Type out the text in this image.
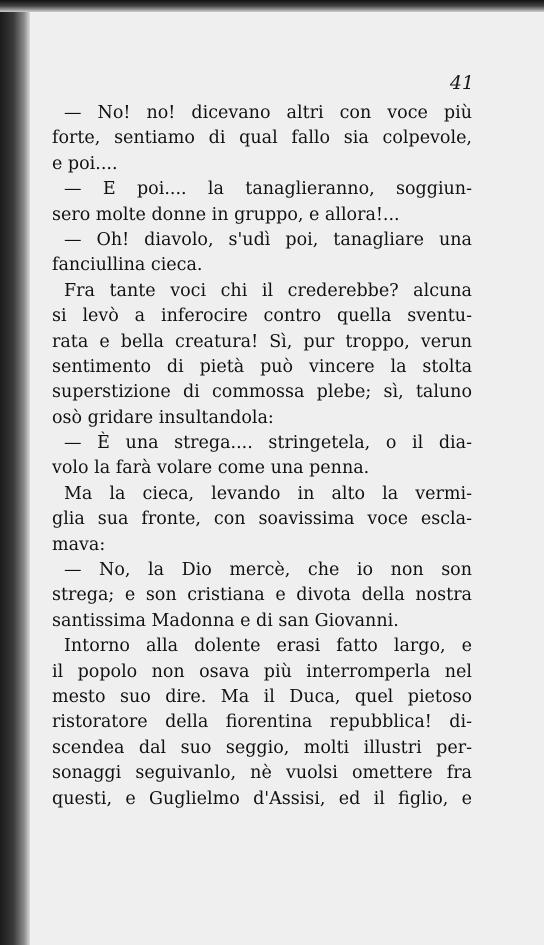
41
— No! no! dicevano altri con voce più
forte, sentiamo di qual fallo sia colpevole,
e poi....
— E poi.... la tanaglieranno, soggiun-
sero molte donne in gruppo, e allora!...
— Oh! diavolo, s'udì poi, tanagliare una
fanciullina cieca.
Fra tante voci chi il crederebbe? alcuna
si levò a inferocire contro quella sventu-
rata e bella creatura! Sì, pur troppo, verun
sentimento di pietà può vincere la stolta
superstizione di commossa plebe; sì, taluno
osò gridare insultandola:
— È una strega.... stringetela, o il dia-
volo la farà volare come una penna.
Ma la cieca, levando in alto la vermi-
glia sua fronte, con soavissima voce escla-
mava:
— No, la Dio mercè, che io non son
strega; e son cristiana e divota della nostra
santissima Madonna e di san Giovanni.
Intorno alla dolente erasi fatto largo, e
il popolo non osava più interromperla nel
mesto suo dire. Ma il Duca, quel pietoso
ristoratore della fiorentina repubblica! di-
scendea dal suo seggio, molti illustri per-
sonaggi seguivanlo, nè vuolsi omettere fra
questi, e Guglielmo d'Assisi, ed il figlio, e
